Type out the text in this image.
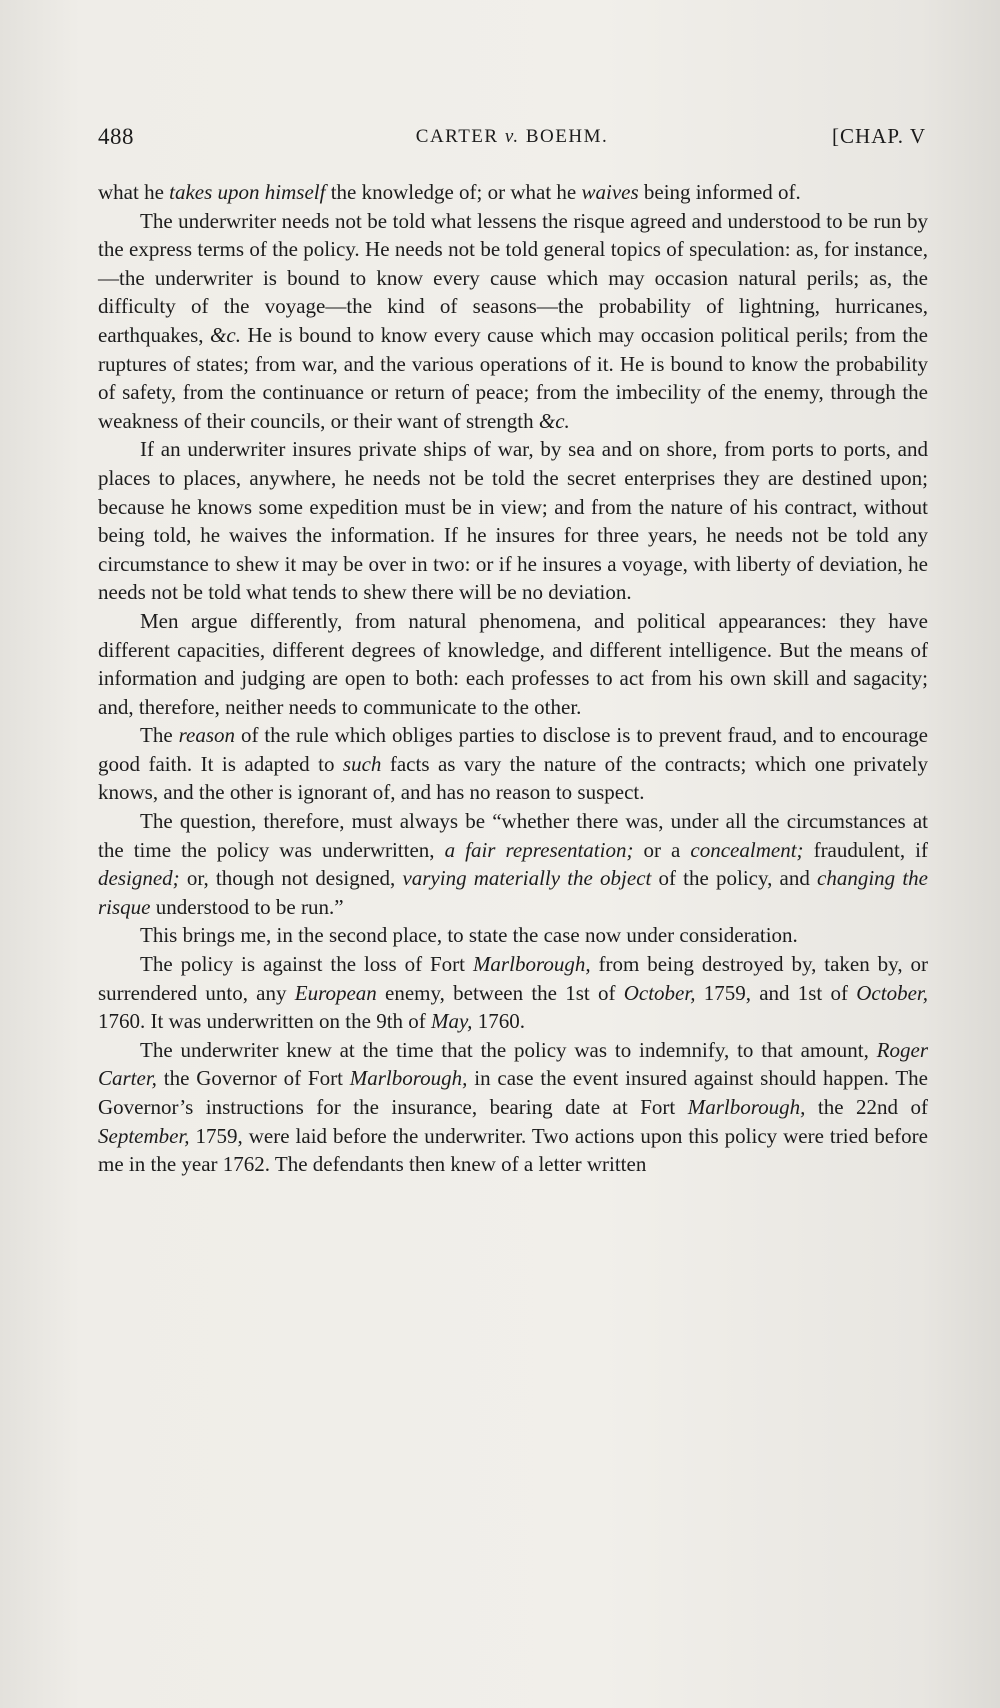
488	CARTER v. BOEHM.	[CHAP. V

what he takes upon himself the knowledge of; or what he waives being informed of.

The underwriter needs not be told what lessens the risque agreed and understood to be run by the express terms of the policy. He needs not be told general topics of speculation: as, for instance,—the underwriter is bound to know every cause which may occasion natural perils; as, the difficulty of the voyage—the kind of seasons—the probability of lightning, hurricanes, earthquakes, &c. He is bound to know every cause which may occasion political perils; from the ruptures of states; from war, and the various operations of it. He is bound to know the probability of safety, from the continuance or return of peace; from the imbecility of the enemy, through the weakness of their councils, or their want of strength &c.

If an underwriter insures private ships of war, by sea and on shore, from ports to ports, and places to places, anywhere, he needs not be told the secret enterprises they are destined upon; because he knows some expedition must be in view; and from the nature of his contract, without being told, he waives the information. If he insures for three years, he needs not be told any circumstance to shew it may be over in two: or if he insures a voyage, with liberty of deviation, he needs not be told what tends to shew there will be no deviation.

Men argue differently, from natural phenomena, and political appearances: they have different capacities, different degrees of knowledge, and different intelligence. But the means of information and judging are open to both: each professes to act from his own skill and sagacity; and, therefore, neither needs to communicate to the other.

The reason of the rule which obliges parties to disclose is to prevent fraud, and to encourage good faith. It is adapted to such facts as vary the nature of the contracts; which one privately knows, and the other is ignorant of, and has no reason to suspect.

The question, therefore, must always be “whether there was, under all the circumstances at the time the policy was underwritten, a fair representation; or a concealment; fraudulent, if designed; or, though not designed, varying materially the object of the policy, and changing the risque understood to be run.”

This brings me, in the second place, to state the case now under consideration.

The policy is against the loss of Fort Marlborough, from being destroyed by, taken by, or surrendered unto, any European enemy, between the 1st of October, 1759, and 1st of October, 1760. It was underwritten on the 9th of May, 1760.

The underwriter knew at the time that the policy was to indemnify, to that amount, Roger Carter, the Governor of Fort Marlborough, in case the event insured against should happen. The Governor’s instructions for the insurance, bearing date at Fort Marlborough, the 22nd of September, 1759, were laid before the underwriter. Two actions upon this policy were tried before me in the year 1762. The defendants then knew of a letter written
